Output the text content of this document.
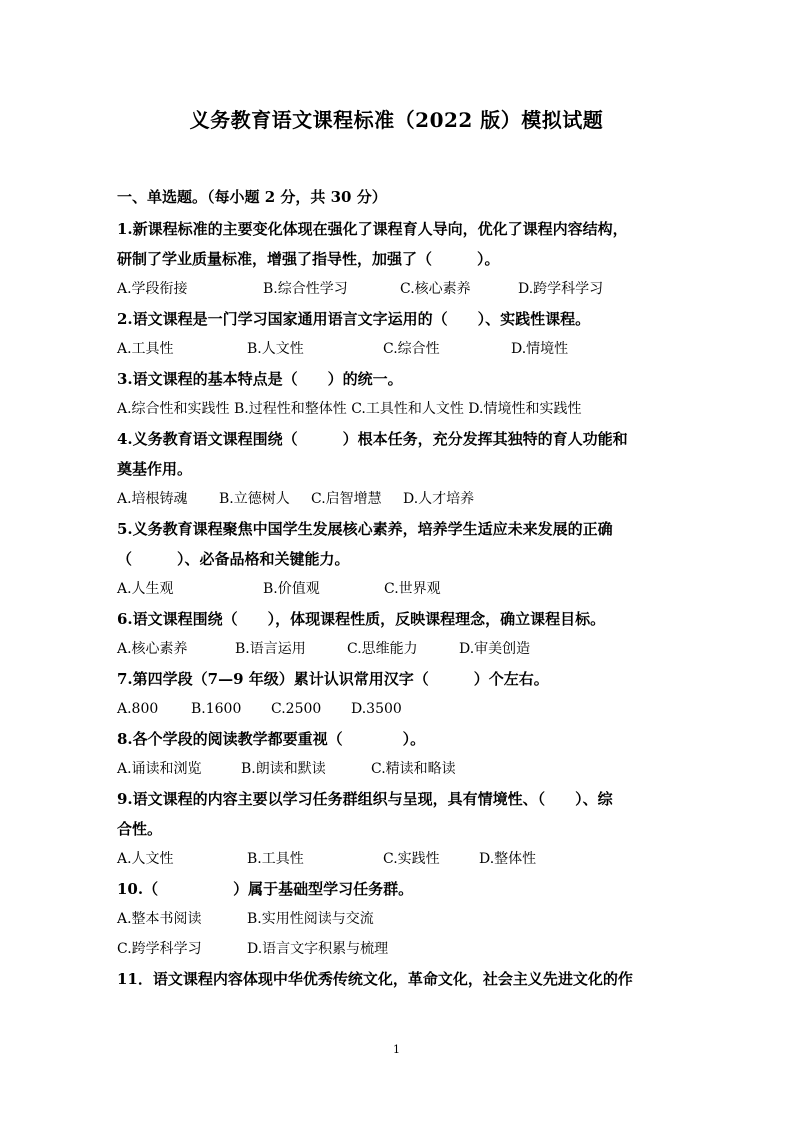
义务教育语文课程标准（2022 版）模拟试题
一、单选题。（每小题 2 分，共 30 分）
1.新课程标准的主要变化体现在强化了课程育人导向，优化了课程内容结构，
研制了学业质量标准，增强了指导性，加强了（　　　）。
A.学段衔接	B.综合性学习	C.核心素养	D.跨学科学习
2.语文课程是一门学习国家通用语言文字运用的（　　）、实践性课程。
A.工具性	B.人文性	C.综合性	D.情境性
3.语文课程的基本特点是（　　）的统一。
A.综合性和实践性 B.过程性和整体性 C.工具性和人文性 D.情境性和实践性
4.义务教育语文课程围绕（　　　）根本任务，充分发挥其独特的育人功能和
奠基作用。
A.培根铸魂 B.立德树人 C.启智增慧 D.人才培养
5.义务教育课程聚焦中国学生发展核心素养，培养学生适应未来发展的正确
（　　　）、必备品格和关键能力。
A.人生观	B.价值观	C.世界观
6.语文课程围绕（　　），体现课程性质，反映课程理念，确立课程目标。
A.核心素养	B.语言运用	C.思维能力	D.审美创造
7.第四学段（7—9 年级）累计认识常用汉字（　　　）个左右。
A.800 B.1600 C.2500 D.3500
8.各个学段的阅读教学都要重视（　　　　）。
A.诵读和浏览	B.朗读和默读	C.精读和略读
9.语文课程的内容主要以学习任务群组织与呈现，具有情境性、（　　）、综
合性。
A.人文性	B.工具性	C.实践性	D.整体性
10.（　　　　　）属于基础型学习任务群。
A.整本书阅读	B.实用性阅读与交流
C.跨学科学习	D.语言文字积累与梳理
11．语文课程内容体现中华优秀传统文化，革命文化，社会主义先进文化的作
1
